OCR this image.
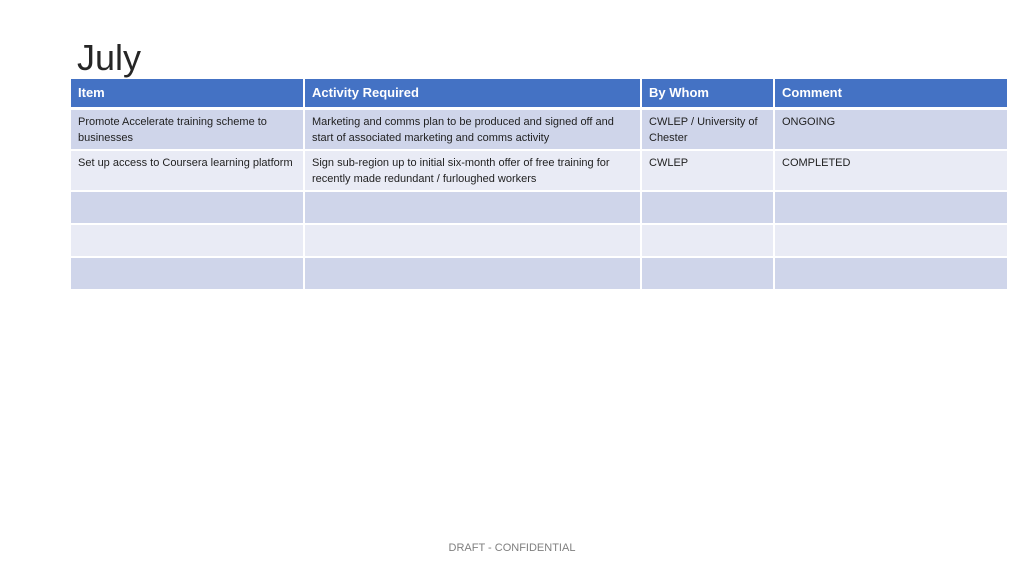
July
Item	Activity Required	By Whom	Comment
Promote Accelerate training scheme to businesses	Marketing and comms plan to be produced and signed off and start of associated marketing and comms activity	CWLEP / University of Chester	ONGOING
Set up access to Coursera learning platform	Sign sub-region up to initial six-month offer of free training for recently made redundant / furloughed workers	CWLEP	COMPLETED

DRAFT - CONFIDENTIAL
